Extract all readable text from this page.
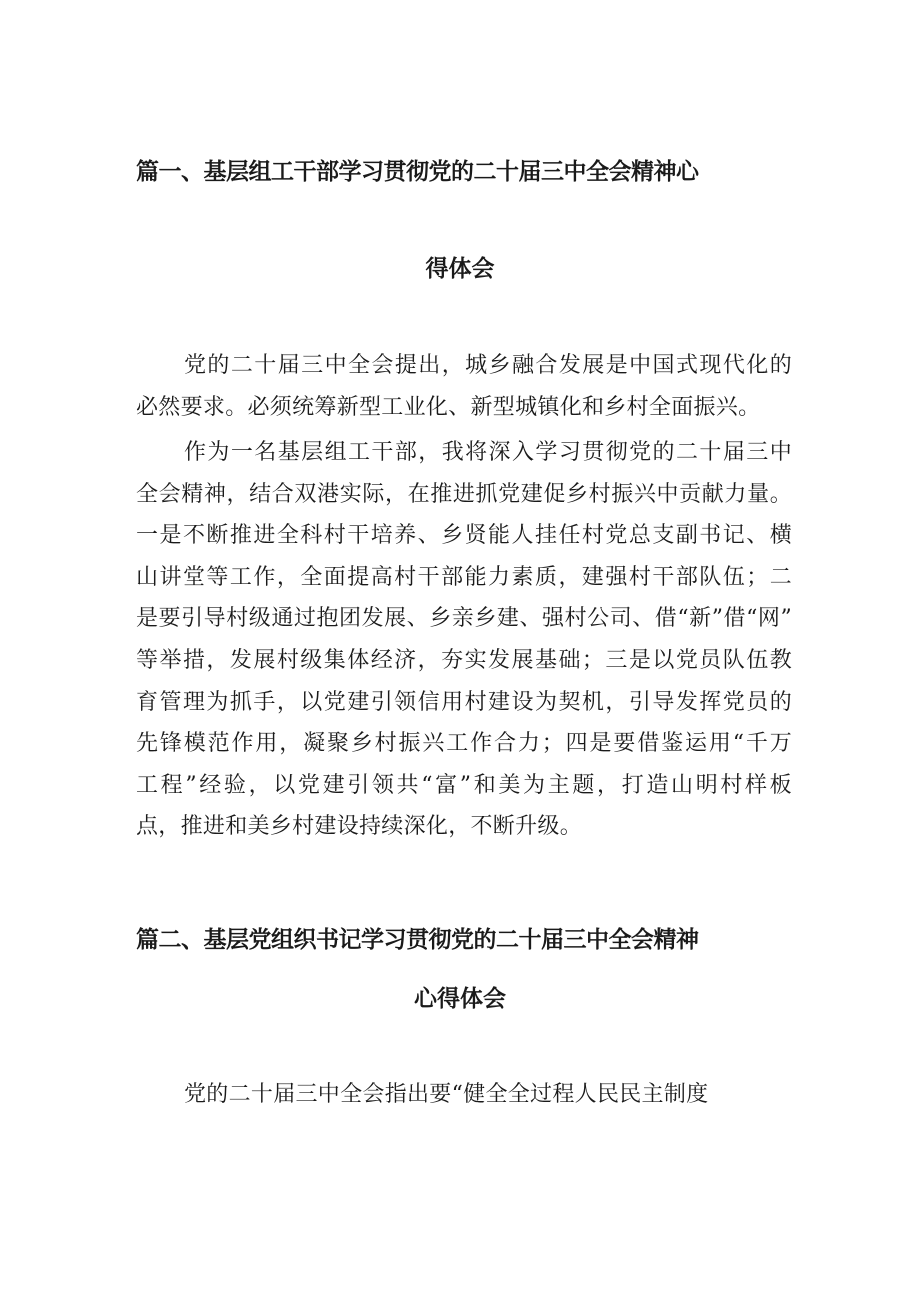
篇一、基层组工干部学习贯彻党的二十届三中全会精神心
得体会
党的二十届三中全会提出，城乡融合发展是中国式现代化的
必然要求。必须统筹新型工业化、新型城镇化和乡村全面振兴。
作为一名基层组工干部，我将深入学习贯彻党的二十届三中
全会精神，结合双港实际，在推进抓党建促乡村振兴中贡献力量。
一是不断推进全科村干培养、乡贤能人挂任村党总支副书记、横
山讲堂等工作，全面提高村干部能力素质，建强村干部队伍；二
是要引导村级通过抱团发展、乡亲乡建、强村公司、借“新”借“网”
等举措，发展村级集体经济，夯实发展基础；三是以党员队伍教
育管理为抓手，以党建引领信用村建设为契机，引导发挥党员的
先锋模范作用，凝聚乡村振兴工作合力；四是要借鉴运用“千万
工程”经验，以党建引领共“富”和美为主题，打造山明村样板
点，推进和美乡村建设持续深化，不断升级。
篇二、基层党组织书记学习贯彻党的二十届三中全会精神
心得体会
党的二十届三中全会指出要“健全全过程人民民主制度
